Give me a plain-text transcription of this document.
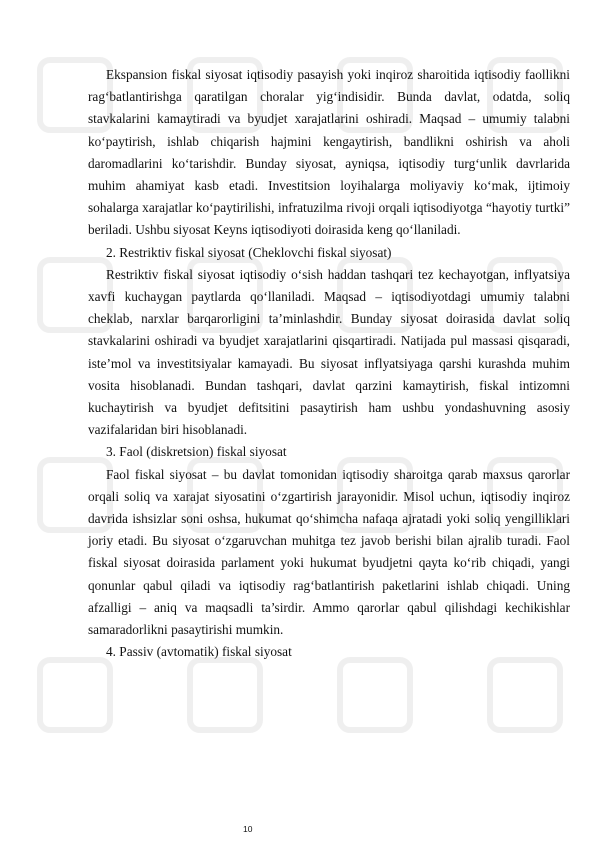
Ekspansion fiskal siyosat iqtisodiy pasayish yoki inqiroz sharoitida iqtisodiy faollikni rag‘batlantirishga qaratilgan choralar yig‘indisidir. Bunda davlat, odatda, soliq stavkalarini kamaytiradi va byudjet xarajatlarini oshiradi. Maqsad – umumiy talabni ko‘paytirish, ishlab chiqarish hajmini kengaytirish, bandlikni oshirish va aholi daromadlarini ko‘tarishdir. Bunday siyosat, ayniqsa, iqtisodiy turg‘unlik davrlarida muhim ahamiyat kasb etadi. Investitsion loyihalarga moliyaviy ko‘mak, ijtimoiy sohalarga xarajatlar ko‘paytirilishi, infratuzilma rivoji orqali iqtisodiyotga “hayotiy turtki” beriladi. Ushbu siyosat Keyns iqtisodiyoti doirasida keng qo‘llaniladi.

2. Restriktiv fiskal siyosat (Cheklovchi fiskal siyosat)

Restriktiv fiskal siyosat iqtisodiy o‘sish haddan tashqari tez kechayotgan, inflyatsiya xavfi kuchaygan paytlarda qo‘llaniladi. Maqsad – iqtisodiyotdagi umumiy talabni cheklab, narxlar barqarorligini ta’minlashdir. Bunday siyosat doirasida davlat soliq stavkalarini oshiradi va byudjet xarajatlarini qisqartiradi. Natijada pul massasi qisqaradi, iste’mol va investitsiyalar kamayadi. Bu siyosat inflyatsiyaga qarshi kurashda muhim vosita hisoblanadi. Bundan tashqari, davlat qarzini kamaytirish, fiskal intizomni kuchaytirish va byudjet defitsitini pasaytirish ham ushbu yondashuvning asosiy vazifalaridan biri hisoblanadi.

3. Faol (diskretsion) fiskal siyosat

Faol fiskal siyosat – bu davlat tomonidan iqtisodiy sharoitga qarab maxsus qarorlar orqali soliq va xarajat siyosatini o‘zgartirish jarayonidir. Misol uchun, iqtisodiy inqiroz davrida ishsizlar soni oshsa, hukumat qo‘shimcha nafaqa ajratadi yoki soliq yengilliklari joriy etadi. Bu siyosat o‘zgaruvchan muhitga tez javob berishi bilan ajralib turadi. Faol fiskal siyosat doirasida parlament yoki hukumat byudjetni qayta ko‘rib chiqadi, yangi qonunlar qabul qiladi va iqtisodiy rag‘batlantirish paketlarini ishlab chiqadi. Uning afzalligi – aniq va maqsadli ta’sirdir. Ammo qarorlar qabul qilishdagi kechikishlar samaradorlikni pasaytirishi mumkin.

4. Passiv (avtomatik) fiskal siyosat

10
